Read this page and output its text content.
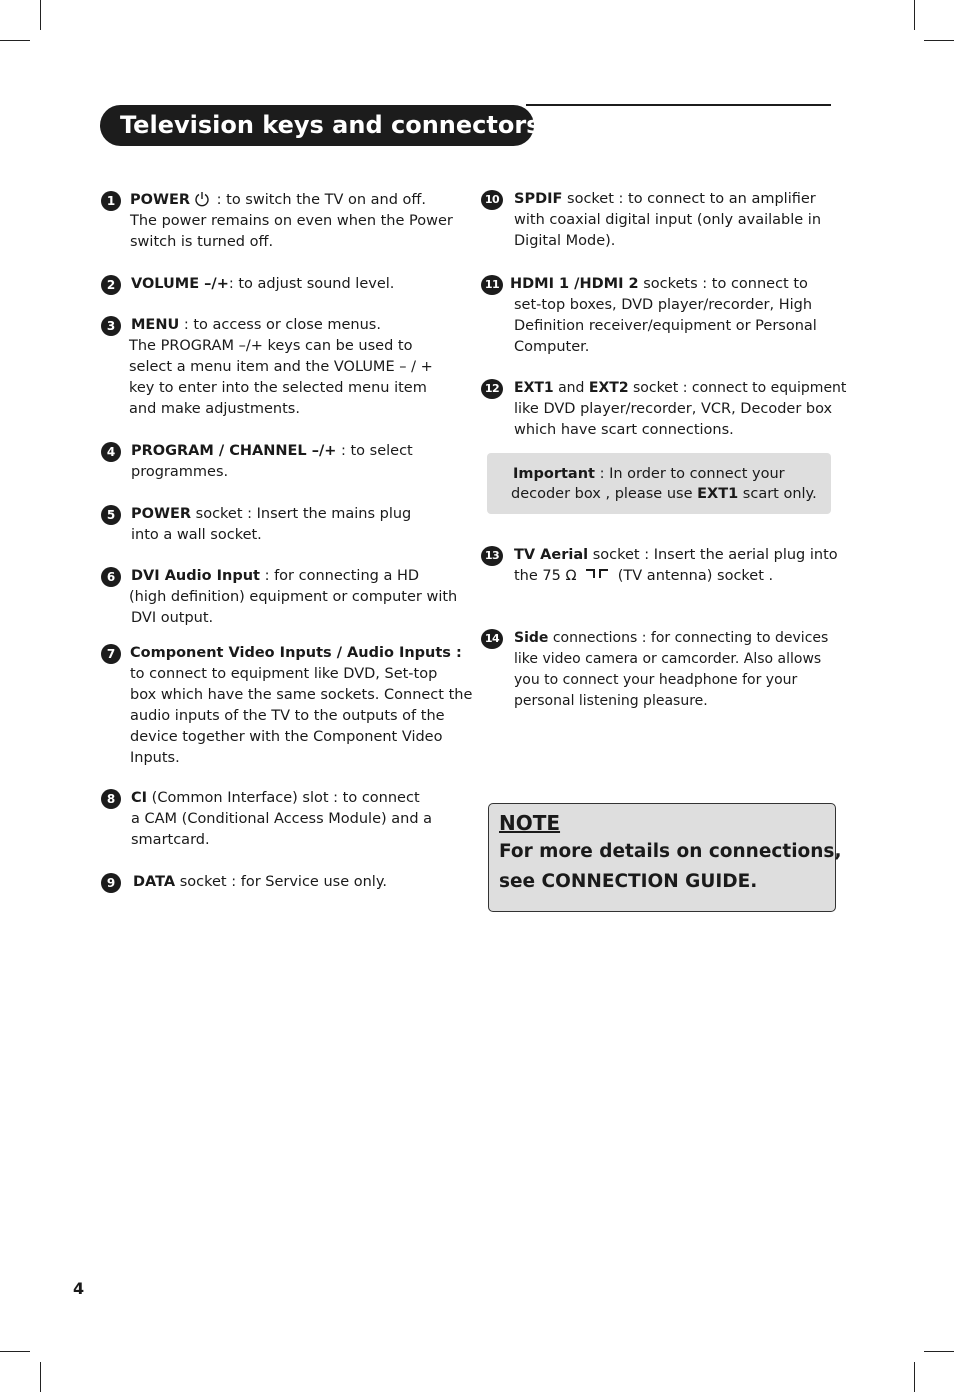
Television keys and connectors
1	POWER : to switch the TV on and off.
The power remains on even when the Power
switch is turned off.
2	VOLUME –/+: to adjust sound level.
3	MENU : to access or close menus.
The PROGRAM –/+ keys can be used to
select a menu item and the VOLUME – / +
key to enter into the selected menu item
and make adjustments.
4	PROGRAM / CHANNEL –/+ : to select
programmes.
5	POWER socket : Insert the mains plug
into a wall socket.
6	DVI Audio Input : for connecting a HD
(high definition) equipment or computer with
DVI output.
7	Component Video Inputs / Audio Inputs :
to connect to equipment like DVD, Set-top
box which have the same sockets. Connect the
audio inputs of the TV to the outputs of the
device together with the Component Video
Inputs.
8	CI (Common Interface) slot : to connect
a CAM (Conditional Access Module) and a
smartcard.
9	DATA socket : for Service use only.
10 SPDIF socket : to connect to an amplifier
with coaxial digital input (only available in
Digital Mode).
11 HDMI 1 /HDMI 2 sockets : to connect to
set-top boxes, DVD player/recorder, High
Definition receiver/equipment or Personal
Computer.
12 EXT1 and EXT2 socket : connect to equipment
like DVD player/recorder, VCR, Decoder box
which have scart connections.
Important : In order to connect your
decoder box , please use EXT1 scart only.
13 TV Aerial socket : Insert the aerial plug into
the 75 Ω  (TV antenna) socket .
14 Side connections : for connecting to devices
like video camera or camcorder. Also allows
you to connect your headphone for your
personal listening pleasure.
NOTE
For more details on connections,
see CONNECTION GUIDE.
4
